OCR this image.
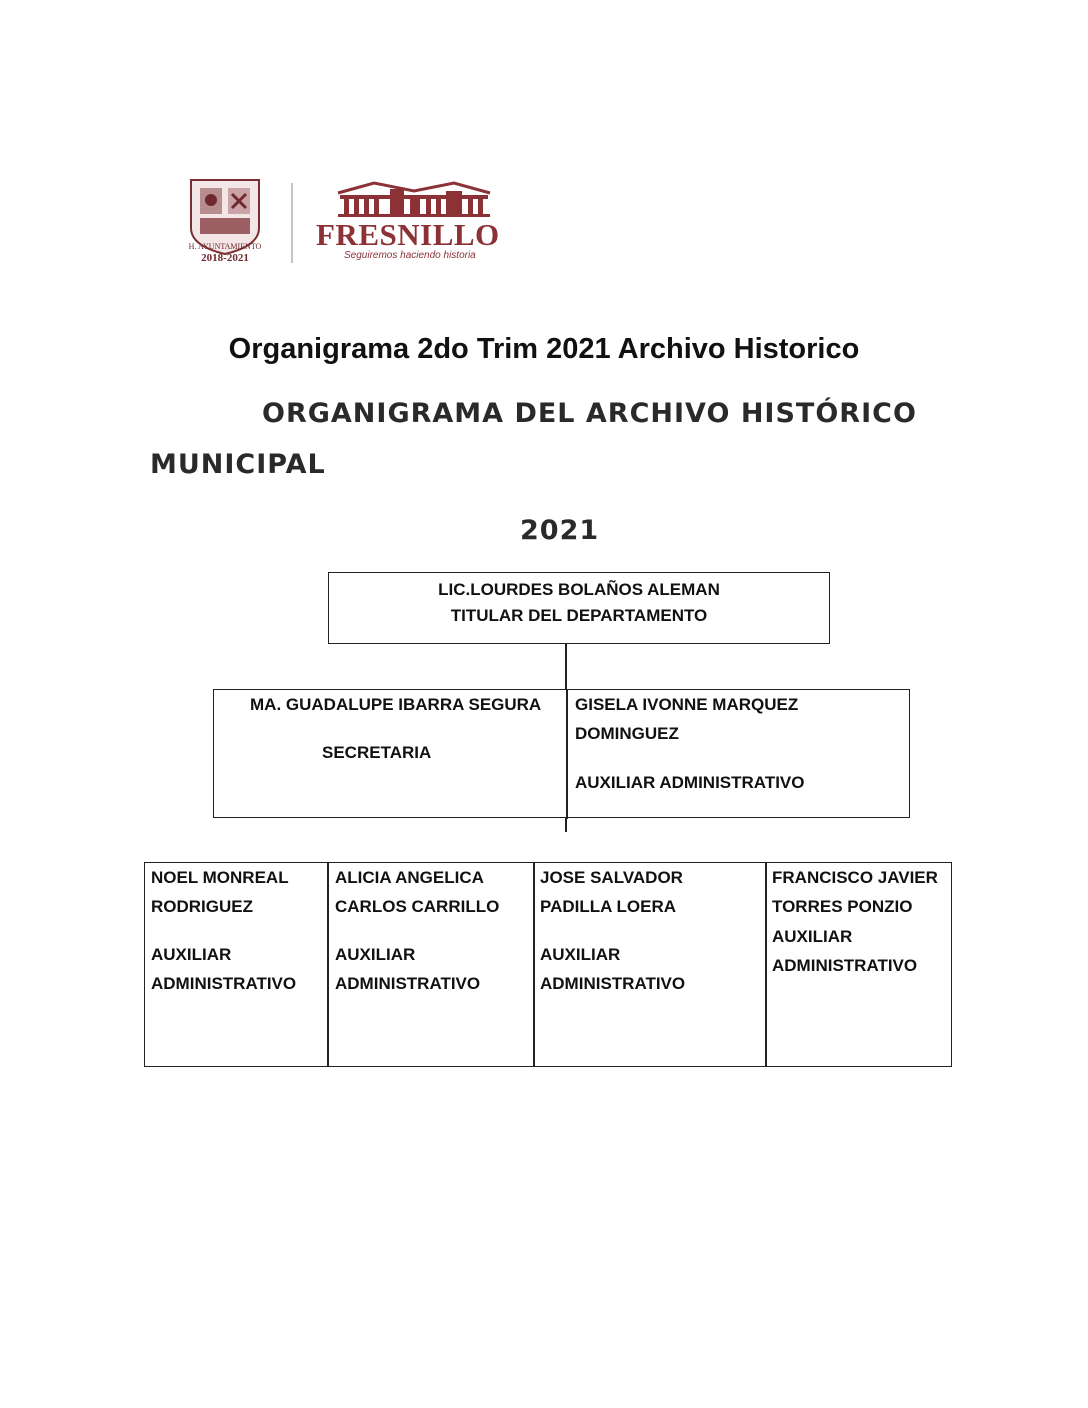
H. AYUNTAMIENTO
2018-2021
FRESNILLO
Seguiremos haciendo historia
Organigrama 2do Trim 2021 Archivo Historico
ORGANIGRAMA DEL ARCHIVO HISTÓRICO
MUNICIPAL
2021
LIC.LOURDES BOLAÑOS ALEMAN
TITULAR DEL DEPARTAMENTO
MA. GUADALUPE IBARRA SEGURA
SECRETARIA
GISELA IVONNE MARQUEZ
DOMINGUEZ
AUXILIAR ADMINISTRATIVO
NOEL MONREAL
RODRIGUEZ
AUXILIAR
ADMINISTRATIVO
ALICIA ANGELICA
CARLOS CARRILLO
AUXILIAR
ADMINISTRATIVO
JOSE SALVADOR
PADILLA LOERA
AUXILIAR
ADMINISTRATIVO
FRANCISCO JAVIER
TORRES PONZIO
AUXILIAR
ADMINISTRATIVO
